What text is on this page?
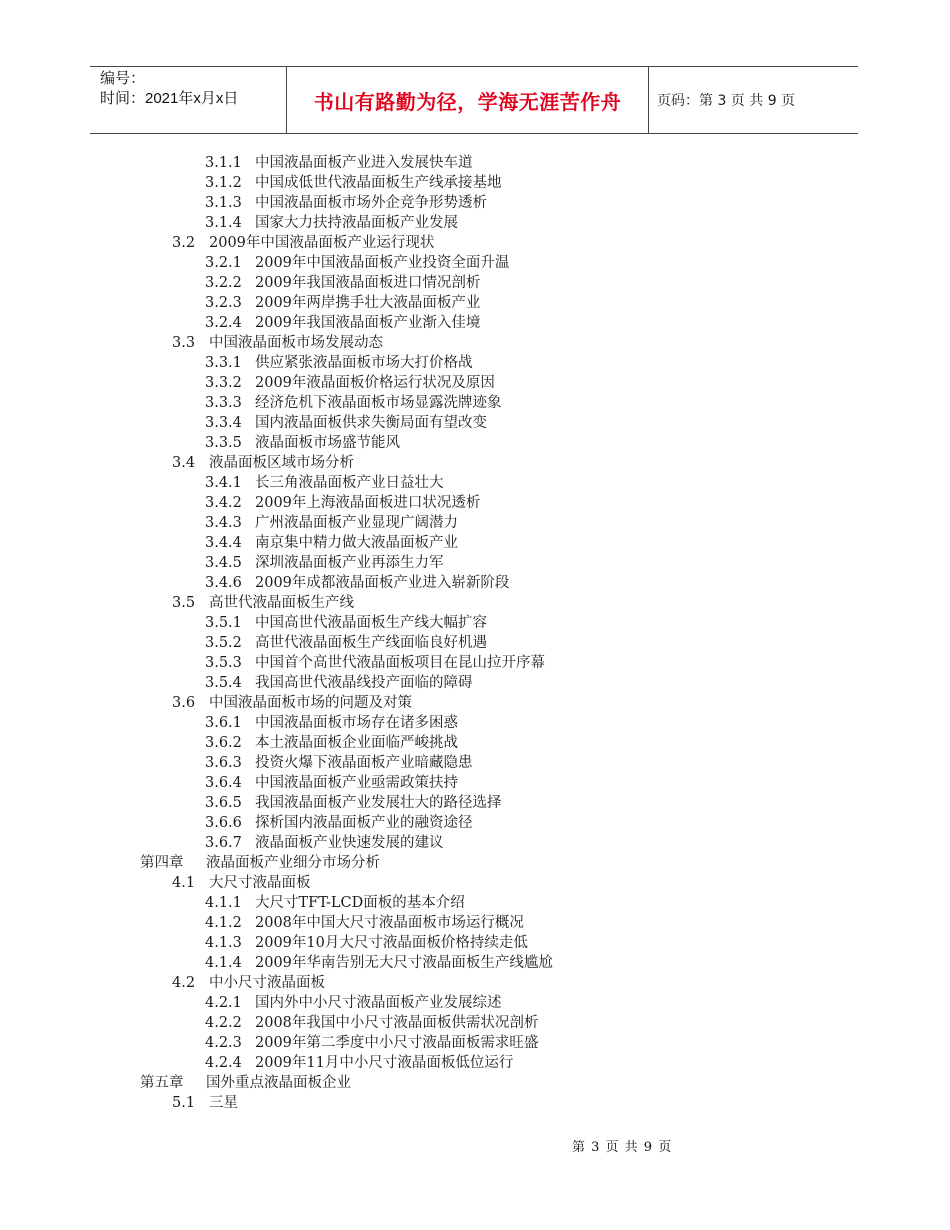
编号：
时间：2021年x月x日	书山有路勤为径，学海无涯苦作舟	页码：第 3 页 共 9 页
3.1.1 中国液晶面板产业进入发展快车道
3.1.2 中国成低世代液晶面板生产线承接基地
3.1.3 中国液晶面板市场外企竞争形势透析
3.1.4 国家大力扶持液晶面板产业发展
3.2 2009年中国液晶面板产业运行现状
3.2.1 2009年中国液晶面板产业投资全面升温
3.2.2 2009年我国液晶面板进口情况剖析
3.2.3 2009年两岸携手壮大液晶面板产业
3.2.4 2009年我国液晶面板产业渐入佳境
3.3 中国液晶面板市场发展动态
3.3.1 供应紧张液晶面板市场大打价格战
3.3.2 2009年液晶面板价格运行状况及原因
3.3.3 经济危机下液晶面板市场显露洗牌迹象
3.3.4 国内液晶面板供求失衡局面有望改变
3.3.5 液晶面板市场盛节能风
3.4 液晶面板区域市场分析
3.4.1 长三角液晶面板产业日益壮大
3.4.2 2009年上海液晶面板进口状况透析
3.4.3 广州液晶面板产业显现广阔潜力
3.4.4 南京集中精力做大液晶面板产业
3.4.5 深圳液晶面板产业再添生力军
3.4.6 2009年成都液晶面板产业进入崭新阶段
3.5 高世代液晶面板生产线
3.5.1 中国高世代液晶面板生产线大幅扩容
3.5.2 高世代液晶面板生产线面临良好机遇
3.5.3 中国首个高世代液晶面板项目在昆山拉开序幕
3.5.4 我国高世代液晶线投产面临的障碍
3.6 中国液晶面板市场的问题及对策
3.6.1 中国液晶面板市场存在诸多困惑
3.6.2 本土液晶面板企业面临严峻挑战
3.6.3 投资火爆下液晶面板产业暗藏隐患
3.6.4 中国液晶面板产业亟需政策扶持
3.6.5 我国液晶面板产业发展壮大的路径选择
3.6.6 探析国内液晶面板产业的融资途径
3.6.7 液晶面板产业快速发展的建议
第四章 液晶面板产业细分市场分析
4.1 大尺寸液晶面板
4.1.1 大尺寸TFT-LCD面板的基本介绍
4.1.2 2008年中国大尺寸液晶面板市场运行概况
4.1.3 2009年10月大尺寸液晶面板价格持续走低
4.1.4 2009年华南告别无大尺寸液晶面板生产线尴尬
4.2 中小尺寸液晶面板
4.2.1 国内外中小尺寸液晶面板产业发展综述
4.2.2 2008年我国中小尺寸液晶面板供需状况剖析
4.2.3 2009年第二季度中小尺寸液晶面板需求旺盛
4.2.4 2009年11月中小尺寸液晶面板低位运行
第五章 国外重点液晶面板企业
5.1 三星
第 3 页 共 9 页
